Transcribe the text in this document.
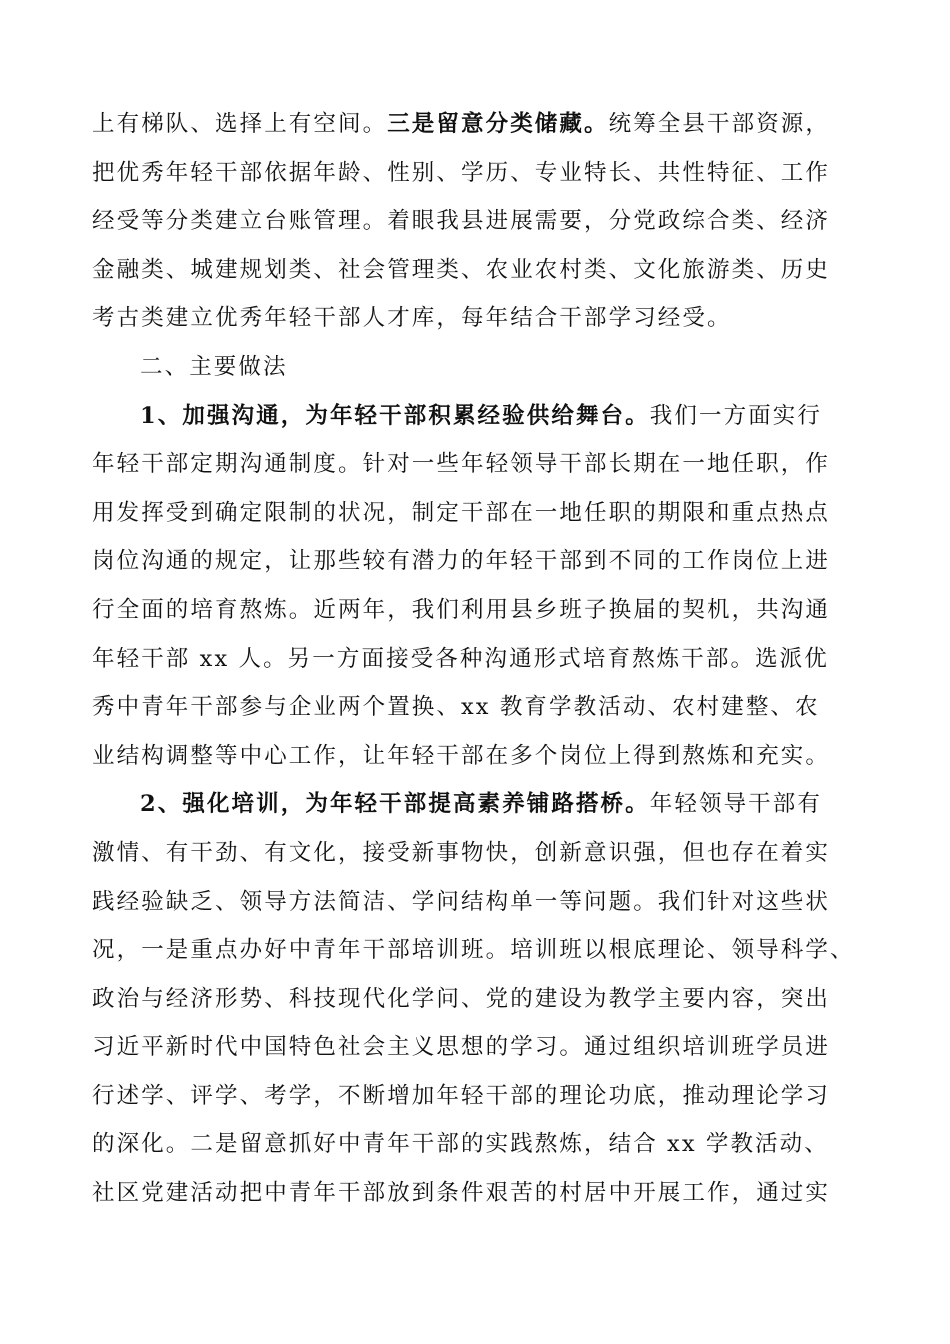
上有梯队、选择上有空间。三是留意分类储藏。统筹全县干部资源，
把优秀年轻干部依据年龄、性别、学历、专业特长、共性特征、工作
经受等分类建立台账管理。着眼我县进展需要，分党政综合类、经济
金融类、城建规划类、社会管理类、农业农村类、文化旅游类、历史
考古类建立优秀年轻干部人才库，每年结合干部学习经受。
二、主要做法
1、加强沟通，为年轻干部积累经验供给舞台。我们一方面实行
年轻干部定期沟通制度。针对一些年轻领导干部长期在一地任职，作
用发挥受到确定限制的状况，制定干部在一地任职的期限和重点热点
岗位沟通的规定，让那些较有潜力的年轻干部到不同的工作岗位上进
行全面的培育熬炼。近两年，我们利用县乡班子换届的契机，共沟通
年轻干部 xx 人。另一方面接受各种沟通形式培育熬炼干部。选派优
秀中青年干部参与企业两个置换、xx 教育学教活动、农村建整、农
业结构调整等中心工作，让年轻干部在多个岗位上得到熬炼和充实。
2、强化培训，为年轻干部提高素养铺路搭桥。年轻领导干部有
激情、有干劲、有文化，接受新事物快，创新意识强，但也存在着实
践经验缺乏、领导方法简洁、学问结构单一等问题。我们针对这些状
况，一是重点办好中青年干部培训班。培训班以根底理论、领导科学、
政治与经济形势、科技现代化学问、党的建设为教学主要内容，突出
习近平新时代中国特色社会主义思想的学习。通过组织培训班学员进
行述学、评学、考学，不断增加年轻干部的理论功底，推动理论学习
的深化。二是留意抓好中青年干部的实践熬炼，结合 xx 学教活动、
社区党建活动把中青年干部放到条件艰苦的村居中开展工作，通过实
